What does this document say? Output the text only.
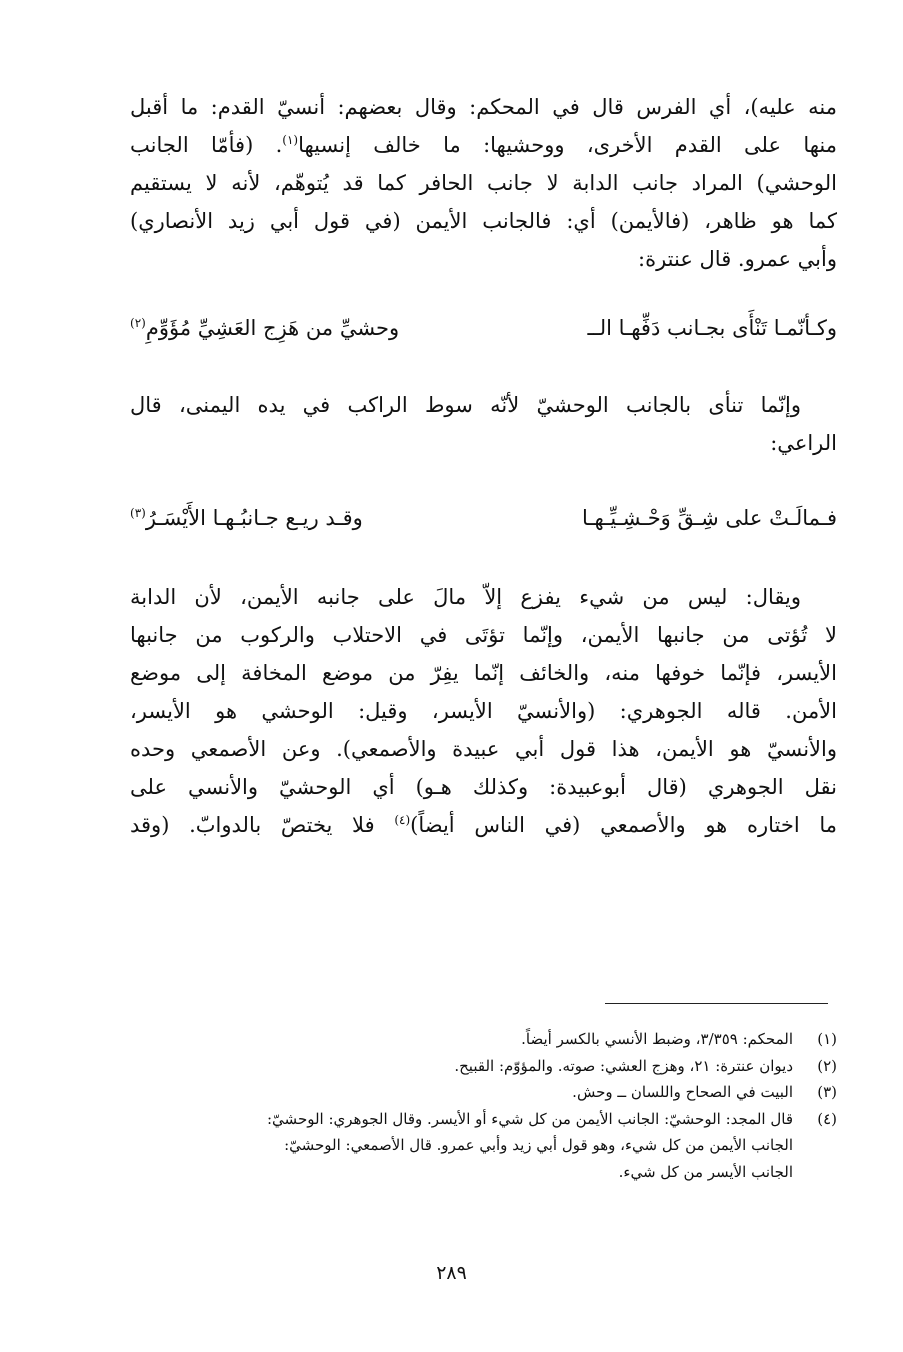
منه عليه)، أي الفرس قال في المحكم: وقال بعضهم: أنسيّ القدم: ما أقبل
منها على القدم الأخرى، ووحشيها: ما خالف إنسيها$^{(١)}$. (فأمّا الجانب
الوحشي) المراد جانب الدابة لا جانب الحافر كما قد يُتوهّم، لأنه لا يستقيم
كما هو ظاهر، (فالأيمن) أي: فالجانب الأيمن (في قول أبي زيد الأنصاري)
وأبي عمرو. قال عنترة:
وكـأنّمـا تَنْأَى بجـانب دَفِّهـا الــ
وحشيِّ من هَزِج العَشِيِّ مُؤَوِّمِ$^{(٢)}$
وإنّما تنأى بالجانب الوحشيّ لأنّه سوط الراكب في يده اليمنى، قال
الراعي:
فـمالَـتْ على شِـقِّ وَحْـشِـيِّـهـا
وقـد ريـع جـانبُـهـا الأَيْسَـرُ$^{(٣)}$
ويقال: ليس من شيء يفزع إلاّ مالَ على جانبه الأيمن، لأن الدابة
لا تُؤتى من جانبها الأيمن، وإنّما تؤتَى في الاحتلاب والركوب من جانبها
الأيسر، فإنّما خوفها منه، والخائف إنّما يفِرّ من موضع المخافة إلى موضع
الأمن. قاله الجوهري: (والأنسيّ الأيسر، وقيل: الوحشي هو الأيسر،
والأنسيّ هو الأيمن، هذا قول أبي عبيدة والأصمعي). وعن الأصمعي وحده
نقل الجوهري (قال أبوعبيدة: وكذلك هـو) أي الوحشيّ والأنسي على
ما اختاره هو والأصمعي (في الناس أيضاً)$^{(٤)}$ فلا يختصّ بالدوابّ. (وقد
(١)
المحكم: ٣/٣٥٩، وضبط الأنسي بالكسر أيضاً.
(٢)
ديوان عنترة: ٢١، وهزج العشي: صوته. والمؤوّم: القبيح.
(٣)
البيت في الصحاح واللسان ــ وحش.
(٤)
قال المجد: الوحشيّ: الجانب الأيمن من كل شيء أو الأيسر. وقال الجوهري: الوحشيّ:
الجانب الأيمن من كل شيء، وهو قول أبي زيد وأبي عمرو. قال الأصمعي: الوحشيّ:
الجانب الأيسر من كل شيء.
٢٨٩
